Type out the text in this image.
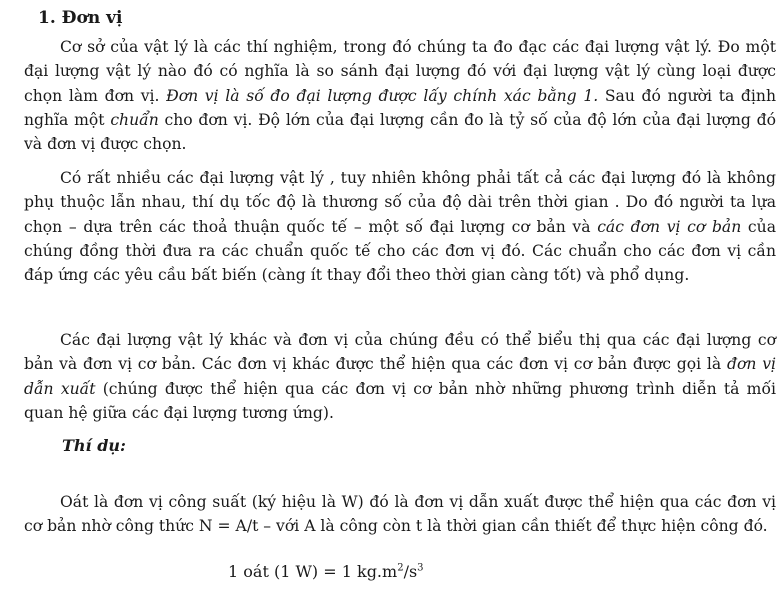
1. Đơn vị

Cơ sở của vật lý là các thí nghiệm, trong đó chúng ta đo đạc các đại lượng vật lý. Đo một đại lượng vật lý nào đó có nghĩa là so sánh đại lượng đó với đại lượng vật lý cùng loại được chọn làm đơn vị. Đơn vị là số đo đại lượng được lấy chính xác bằng 1. Sau đó người ta định nghĩa một chuẩn cho đơn vị. Độ lớn của đại lượng cần đo là tỷ số của độ lớn của đại lượng đó và đơn vị được chọn.

Có rất nhiều các đại lượng vật lý , tuy nhiên không phải tất cả các đại lượng đó là không phụ thuộc lẫn nhau, thí dụ tốc độ là thương số của độ dài trên thời gian . Do đó người ta lựa chọn – dựa trên các thoả thuận quốc tế – một số đại lượng cơ bản và các đơn vị cơ bản của chúng đồng thời đưa ra các chuẩn quốc tế cho các đơn vị đó. Các chuẩn cho các đơn vị cần đáp ứng các yêu cầu bất biến (càng ít thay đổi theo thời gian càng tốt) và phổ dụng.

Các đại lượng vật lý khác và đơn vị của chúng đều có thể biểu thị qua các đại lượng cơ bản và đơn vị cơ bản. Các đơn vị khác được thể hiện qua các đơn vị cơ bản được gọi là đơn vị dẫn xuất (chúng được thể hiện qua các đơn vị cơ bản nhờ những phương trình diễn tả mối quan hệ giữa các đại lượng tương ứng).

Thí dụ:

Oát là đơn vị công suất (ký hiệu là W) đó là đơn vị dẫn xuất được thể hiện qua các đơn vị cơ bản nhờ công thức N = A/t – với A là công còn t là thời gian cần thiết để thực hiện công đó.

1 oát (1 W) = 1 $kg.m^2/s^3$
